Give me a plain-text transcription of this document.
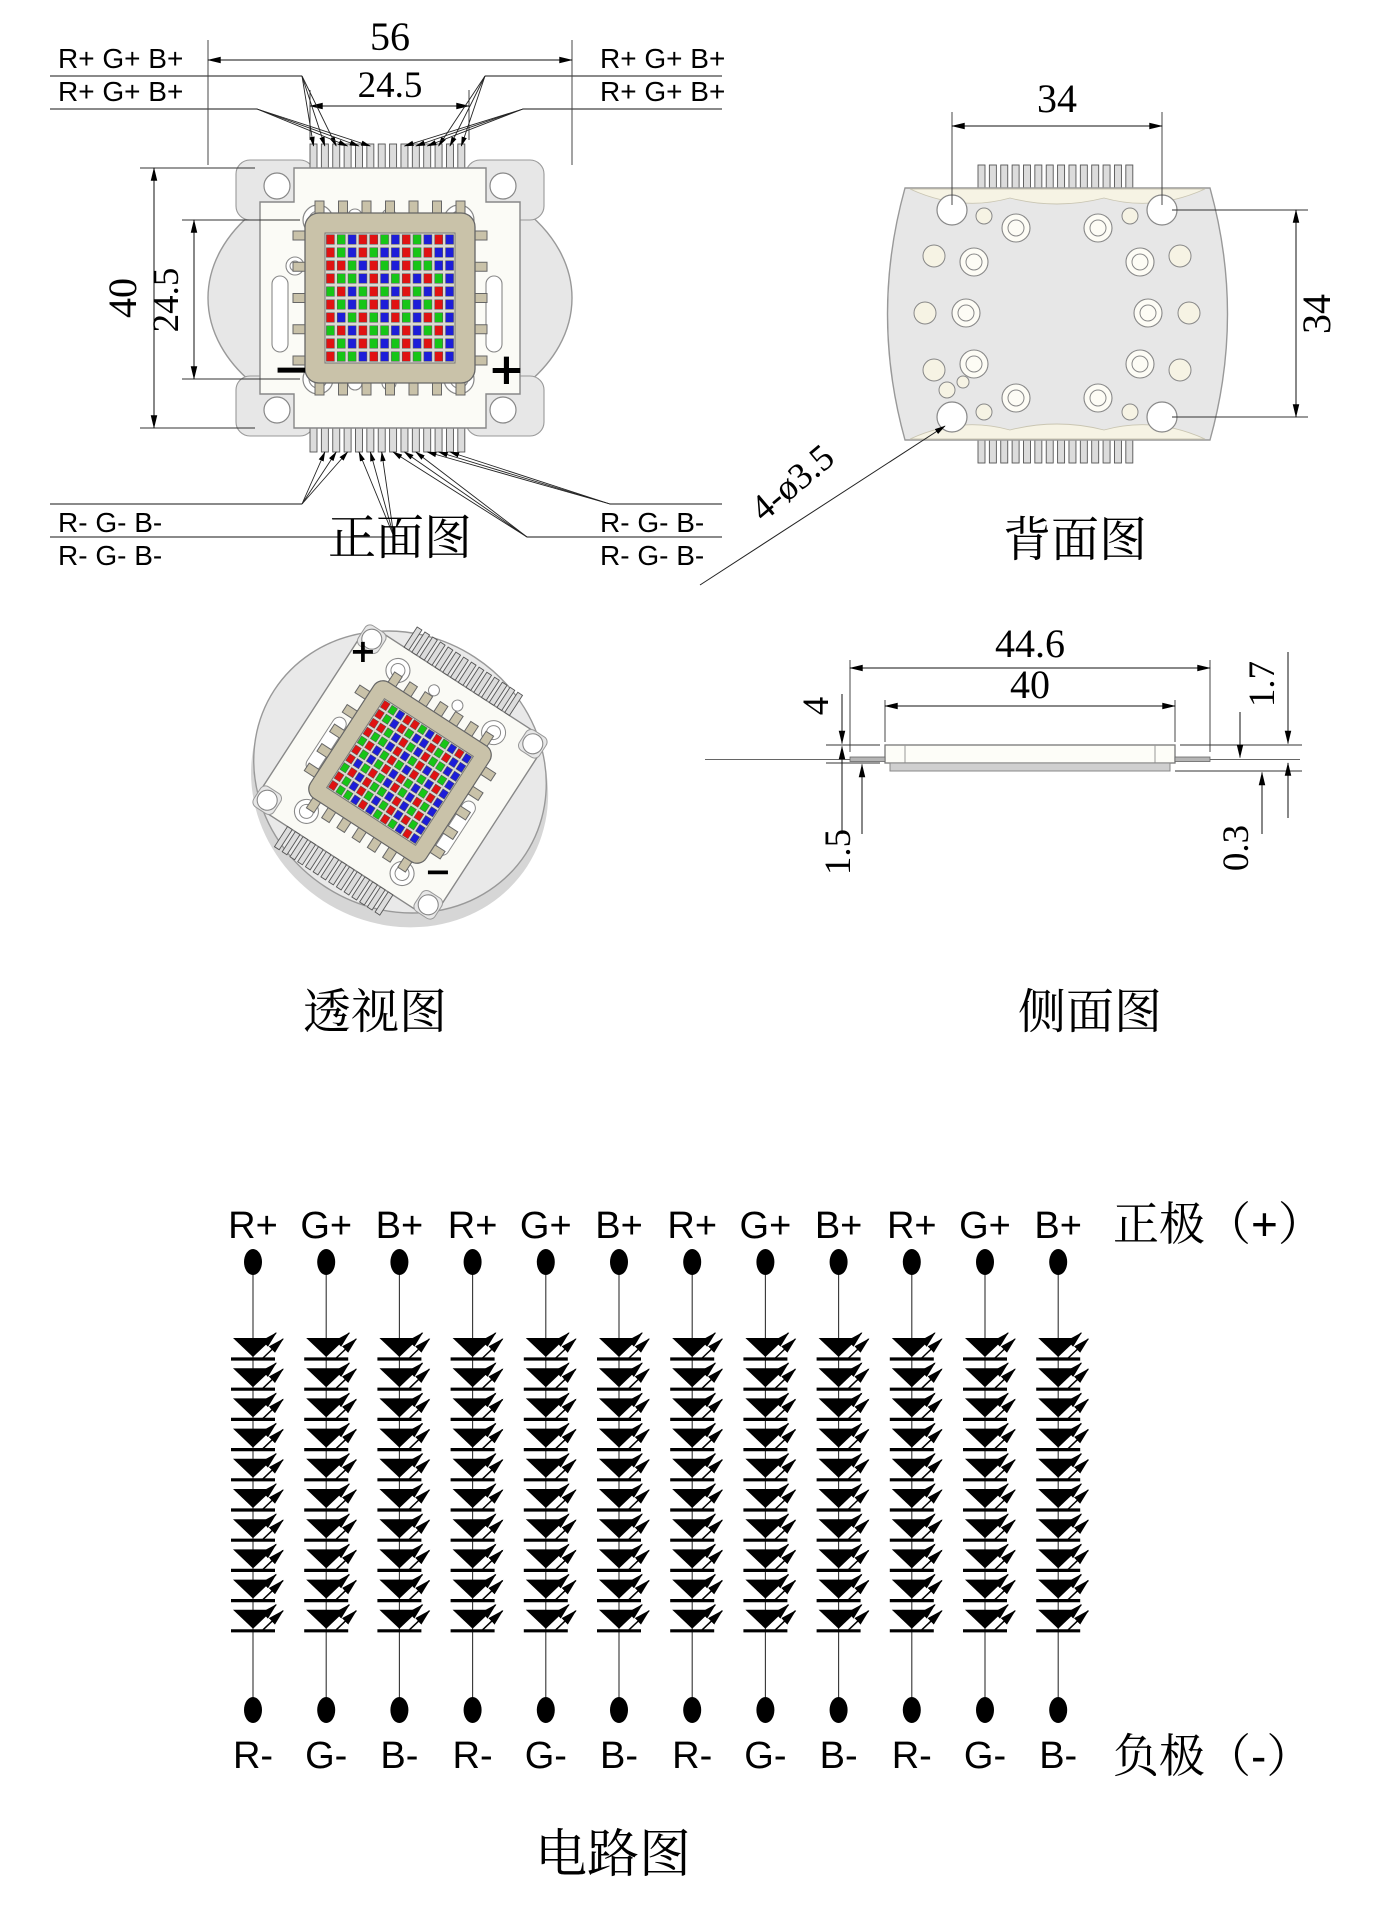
56
24.5
R+ G+ B+
R+ G+ B+
R+ G+ B+
R+ G+ B+
R- G- B-
R- G- B-
R- G- B-
R- G- B-
−	+
40 24.5
正面图
34
34
4-ø3.5
背面图
+
−
透视图
44.6
40
4
1.5
1.7
0.3
侧面图
R+
R-
G+
G-
B+
B-
R+
R-
G+
G-
B+
B-
R+
R-
G+
G-
B+
B-
R+
R-
G+
G-
B+
B-
正极（+）
负极（-）
电路图
